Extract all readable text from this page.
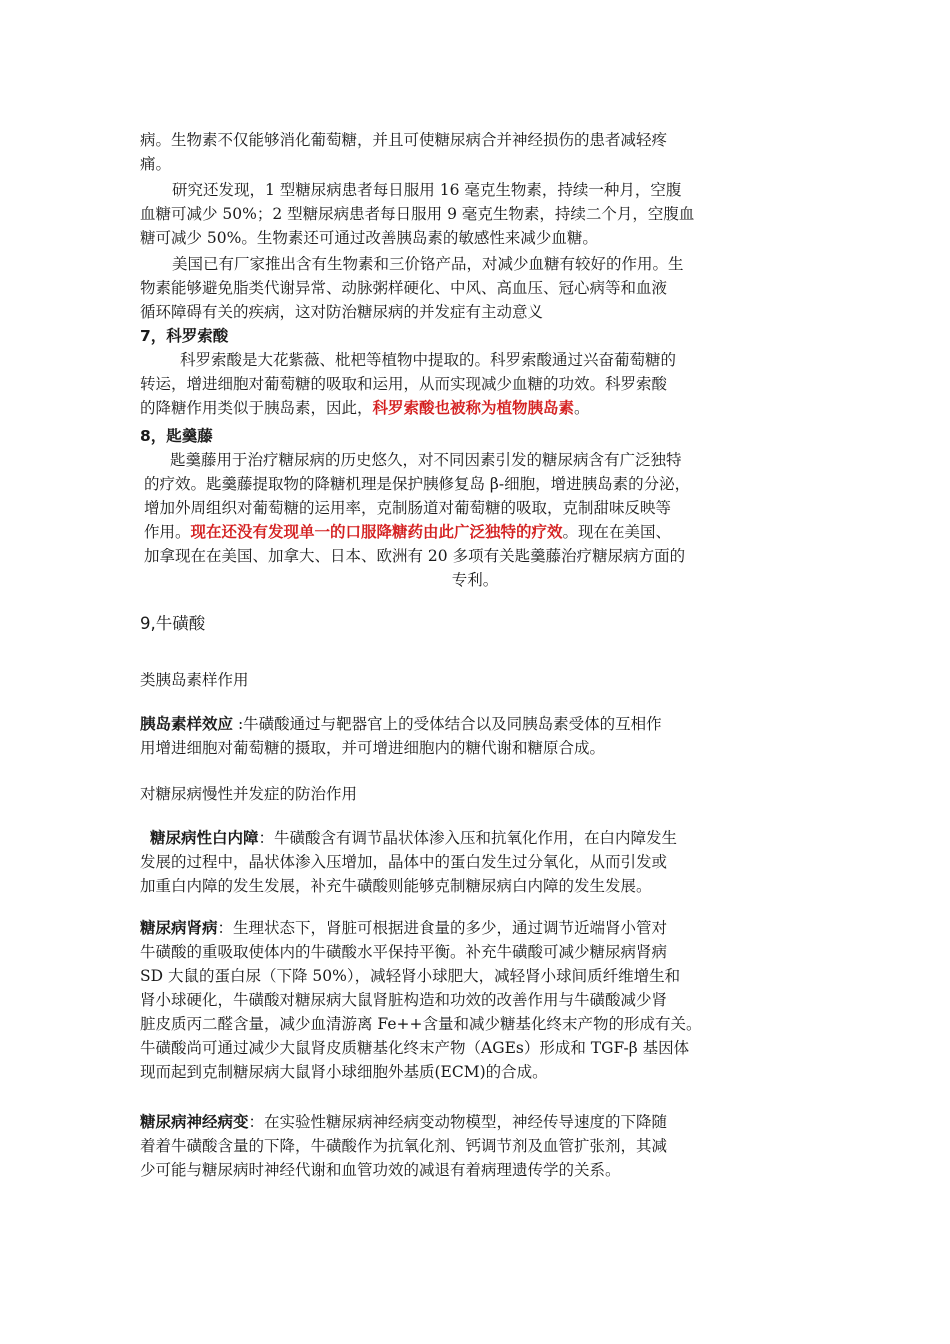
病。生物素不仅能够消化葡萄糖，并且可使糖尿病合并神经损伤的患者减轻疼
痛。
研究还发现，1 型糖尿病患者每日服用 16 毫克生物素，持续一种月，空腹
血糖可减少 50%；2 型糖尿病患者每日服用 9 毫克生物素，持续二个月，空腹血
糖可减少 50%。生物素还可通过改善胰岛素的敏感性来减少血糖。
美国已有厂家推出含有生物素和三价铬产品，对减少血糖有较好的作用。生
物素能够避免脂类代谢异常、动脉粥样硬化、中风、高血压、冠心病等和血液
循环障碍有关的疾病，这对防治糖尿病的并发症有主动意义
7，科罗索酸
科罗索酸是大花紫薇、枇杷等植物中提取的。科罗索酸通过兴奋葡萄糖的
转运，增进细胞对葡萄糖的吸取和运用，从而实现减少血糖的功效。科罗索酸
的降糖作用类似于胰岛素，因此，科罗索酸也被称为植物胰岛素。
8，匙羹藤
匙羹藤用于治疗糖尿病的历史悠久，对不同因素引发的糖尿病含有广泛独特
的疗效。匙羹藤提取物的降糖机理是保护胰修复岛 β-细胞，增进胰岛素的分泌，
增加外周组织对葡萄糖的运用率，克制肠道对葡萄糖的吸取，克制甜味反映等
作用。现在还没有发现单一的口服降糖药由此广泛独特的疗效。现在在美国、
加拿现在在美国、加拿大、日本、欧洲有 20 多项有关匙羹藤治疗糖尿病方面的
专利。
9,牛磺酸
类胰岛素样作用
胰岛素样效应 :牛磺酸通过与靶器官上的受体结合以及同胰岛素受体的互相作
用增进细胞对葡萄糖的摄取，并可增进细胞内的糖代谢和糖原合成。
对糖尿病慢性并发症的防治作用
糖尿病性白内障：牛磺酸含有调节晶状体渗入压和抗氧化作用，在白内障发生
发展的过程中，晶状体渗入压增加，晶体中的蛋白发生过分氧化，从而引发或
加重白内障的发生发展，补充牛磺酸则能够克制糖尿病白内障的发生发展。
糖尿病肾病：生理状态下，肾脏可根据进食量的多少，通过调节近端肾小管对
牛磺酸的重吸取使体内的牛磺酸水平保持平衡。补充牛磺酸可减少糖尿病肾病
SD 大鼠的蛋白尿（下降 50%），减轻肾小球肥大，减轻肾小球间质纤维增生和
肾小球硬化，牛磺酸对糖尿病大鼠肾脏构造和功效的改善作用与牛磺酸减少肾
脏皮质丙二醛含量，减少血清游离 Fe++含量和减少糖基化终末产物的形成有关。
牛磺酸尚可通过减少大鼠肾皮质糖基化终末产物（AGEs）形成和 TGF-β 基因体
现而起到克制糖尿病大鼠肾小球细胞外基质(ECM)的合成。
糖尿病神经病变：在实验性糖尿病神经病变动物模型，神经传导速度的下降随
着着牛磺酸含量的下降，牛磺酸作为抗氧化剂、钙调节剂及血管扩张剂，其减
少可能与糖尿病时神经代谢和血管功效的减退有着病理遗传学的关系。
